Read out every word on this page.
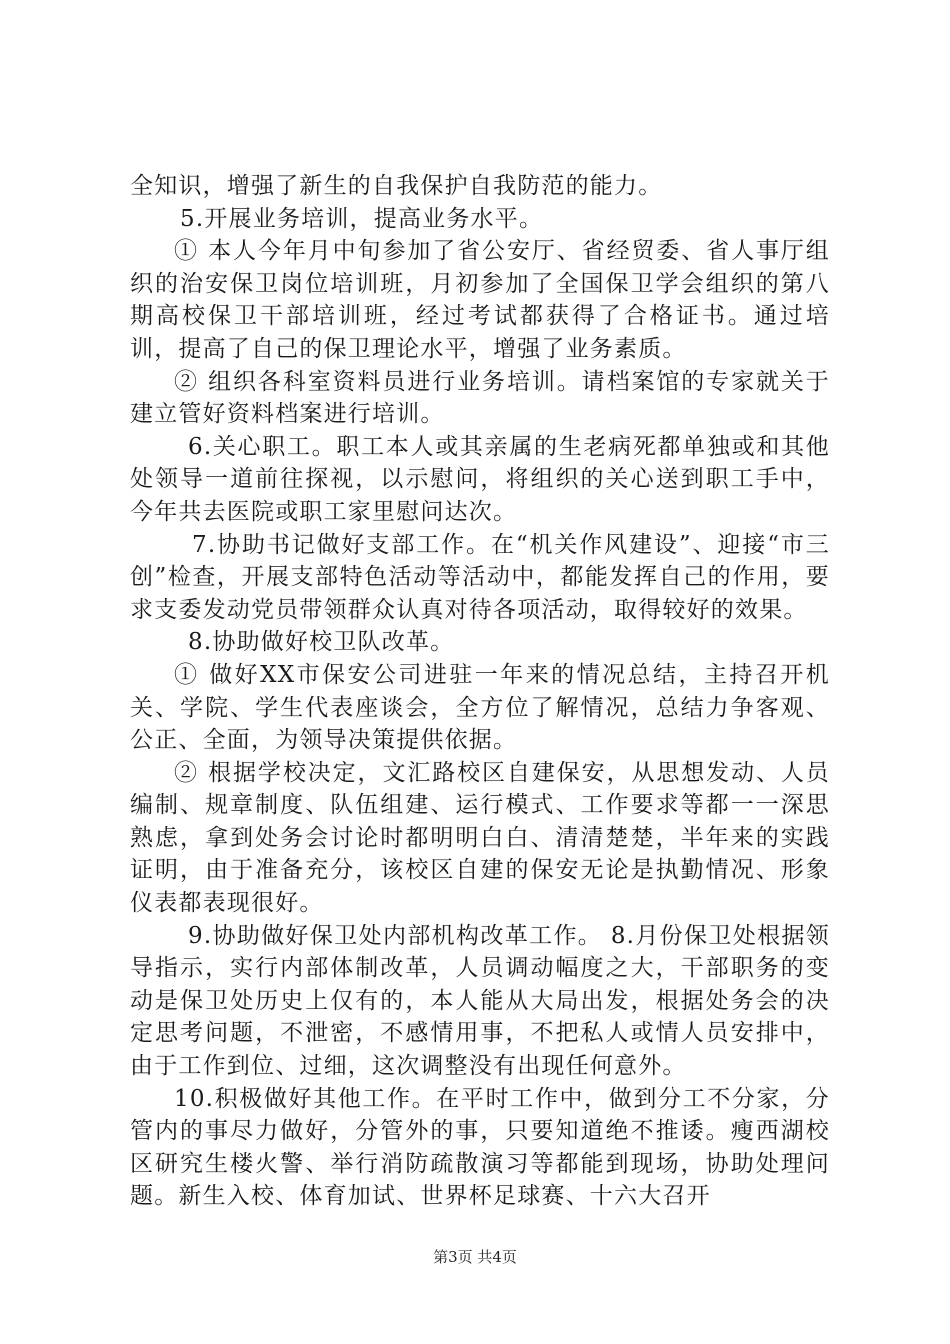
全知识，增强了新生的自我保护自我防范的能力。

5.开展业务培训，提高业务水平。

① 本人今年月中旬参加了省公安厅、省经贸委、省人事厅组织的治安保卫岗位培训班，月初参加了全国保卫学会组织的第八期高校保卫干部培训班，经过考试都获得了合格证书。通过培训，提高了自己的保卫理论水平，增强了业务素质。

② 组织各科室资料员进行业务培训。请档案馆的专家就关于建立管好资料档案进行培训。

6.关心职工。职工本人或其亲属的生老病死都单独或和其他处领导一道前往探视，以示慰问，将组织的关心送到职工手中，今年共去医院或职工家里慰问达次。

7.协助书记做好支部工作。在“机关作风建设”、迎接“市三创”检查，开展支部特色活动等活动中，都能发挥自己的作用，要求支委发动党员带领群众认真对待各项活动，取得较好的效果。

8.协助做好校卫队改革。

① 做好XX市保安公司进驻一年来的情况总结，主持召开机关、学院、学生代表座谈会，全方位了解情况，总结力争客观、公正、全面，为领导决策提供依据。

② 根据学校决定，文汇路校区自建保安，从思想发动、人员编制、规章制度、队伍组建、运行模式、工作要求等都一一深思熟虑，拿到处务会讨论时都明明白白、清清楚楚，半年来的实践证明，由于准备充分，该校区自建的保安无论是执勤情况、形象仪表都表现很好。

9.协助做好保卫处内部机构改革工作。 8.月份保卫处根据领导指示，实行内部体制改革，人员调动幅度之大，干部职务的变动是保卫处历史上仅有的，本人能从大局出发，根据处务会的决定思考问题，不泄密，不感情用事，不把私人或情人员安排中，由于工作到位、过细，这次调整没有出现任何意外。

10.积极做好其他工作。在平时工作中，做到分工不分家，分管内的事尽力做好，分管外的事，只要知道绝不推诿。瘦西湖校区研究生楼火警、举行消防疏散演习等都能到现场，协助处理问题。新生入校、体育加试、世界杯足球赛、十六大召开

第3页 共4页
